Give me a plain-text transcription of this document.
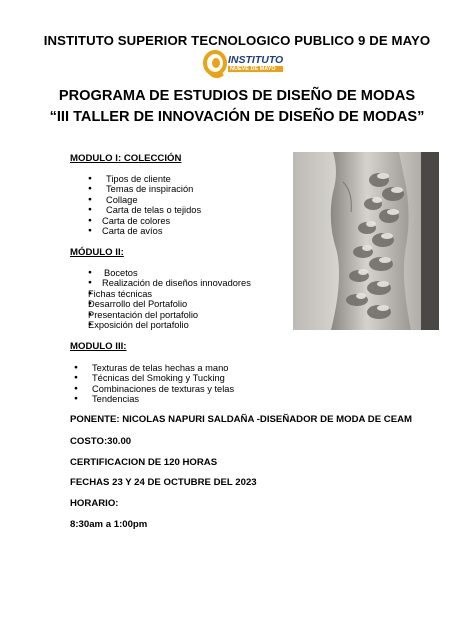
INSTITUTO SUPERIOR TECNOLOGICO PUBLICO 9 DE MAYO
INSTITUTO
NUEVE DE MAYO
PROGRAMA DE ESTUDIOS DE DISEÑO DE MODAS
“III TALLER DE INNOVACIÓN DE DISEÑO DE MODAS”
MODULO I: COLECCIÓN
● Tipos de cliente
● Temas de inspiración
● Collage
● Carta de telas o tejidos
● Carta de colores
● Carta de avíos
MÓDULO II:
● Bocetos
● Realización de diseños innovadores
● Fichas técnicas
● Desarrollo del Portafolio
● Presentación del portafolio
● Exposición del portafolio
MODULO III:
● Texturas de telas hechas a mano
● Técnicas del Smoking y Tucking
● Combinaciones de texturas y telas
● Tendencias
PONENTE: NICOLAS NAPURI SALDAÑA -DISEÑADOR DE MODA DE CEAM
COSTO:30.00
CERTIFICACION DE 120 HORAS
FECHAS 23 Y 24 DE OCTUBRE DEL 2023
HORARIO:
8:30am a 1:00pm
